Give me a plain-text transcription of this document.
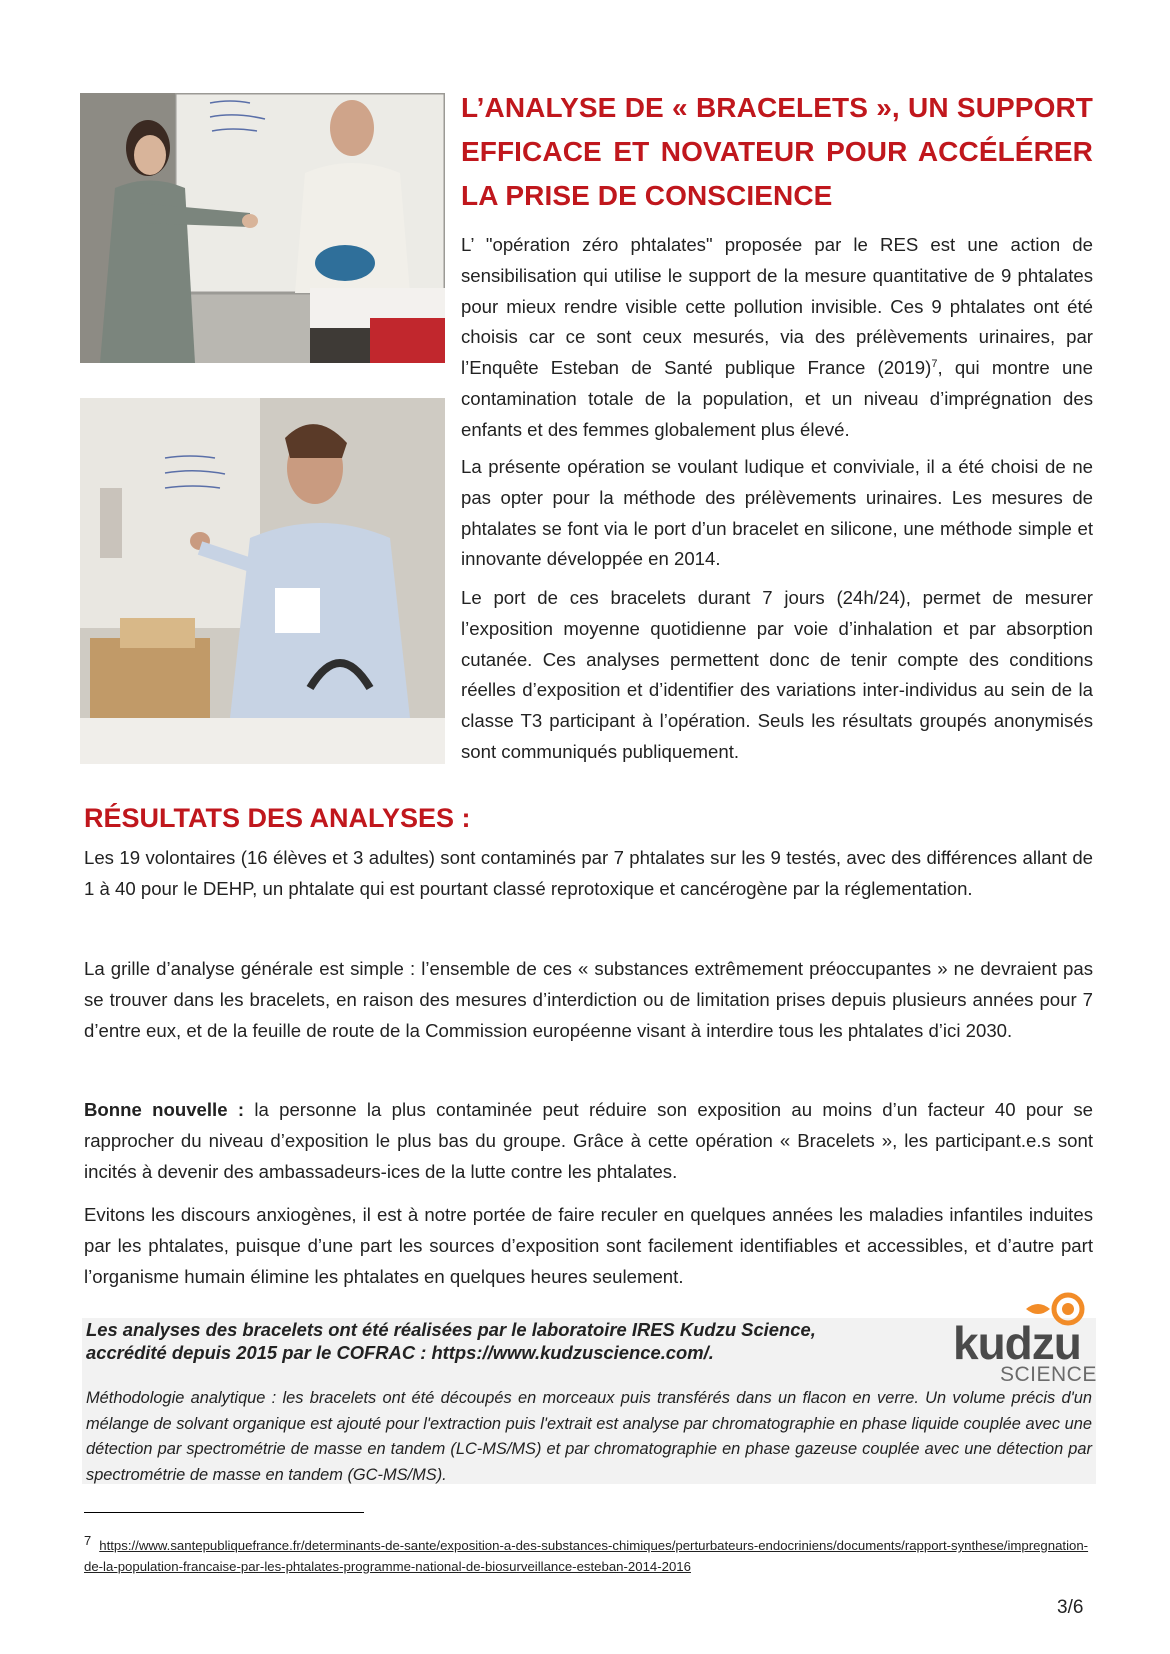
L’ANALYSE DE « BRACELETS », UN SUPPORT EFFICACE ET NOVATEUR POUR ACCÉLÉRER LA PRISE DE CONSCIENCE
L’ "opération zéro phtalates" proposée par le RES est une action de sensibilisation qui utilise le support de la mesure quantitative de 9 phtalates pour mieux rendre visible cette pollution invisible. Ces 9 phtalates ont été choisis car ce sont ceux mesurés, via des prélèvements urinaires, par l’Enquête Esteban de Santé publique France $(2019)^7$, qui montre une contamination totale de la population, et un niveau d’imprégnation des enfants et des femmes globalement plus élevé.
La présente opération se voulant ludique et conviviale, il a été choisi de ne pas opter pour la méthode des prélèvements urinaires. Les mesures de phtalates se font via le port d’un bracelet en silicone, une méthode simple et innovante développée en 2014.
Le port de ces bracelets durant 7 jours (24h/24), permet de mesurer l’exposition moyenne quotidienne par voie d’inhalation et par absorption cutanée. Ces analyses permettent donc de tenir compte des conditions réelles d’exposition et d’identifier des variations inter-individus au sein de la classe T3 participant à l’opération. Seuls les résultats groupés anonymisés sont communiqués publiquement.
RÉSULTATS DES ANALYSES :
Les 19 volontaires (16 élèves et 3 adultes) sont contaminés par 7 phtalates sur les 9 testés, avec des différences allant de 1 à 40 pour le DEHP, un phtalate qui est pourtant classé reprotoxique et cancérogène par la réglementation.
La grille d’analyse générale est simple : l’ensemble de ces « substances extrêmement préoccupantes » ne devraient pas se trouver dans les bracelets, en raison des mesures d’interdiction ou de limitation prises depuis plusieurs années pour 7 d’entre eux, et de la feuille de route de la Commission européenne visant à interdire tous les phtalates d’ici 2030.
Bonne nouvelle : la personne la plus contaminée peut réduire son exposition au moins d’un facteur 40 pour se rapprocher du niveau d’exposition le plus bas du groupe. Grâce à cette opération « Bracelets », les participant.e.s sont incités à devenir des ambassadeurs-ices de la lutte contre les phtalates.
Evitons les discours anxiogènes, il est à notre portée de faire reculer en quelques années les maladies infantiles induites par les phtalates, puisque d’une part les sources d’exposition sont facilement identifiables et accessibles, et d’autre part l’organisme humain élimine les phtalates en quelques heures seulement.
Les analyses des bracelets ont été réalisées par le laboratoire IRES Kudzu Science,
accrédité depuis 2015 par le COFRAC : https://www.kudzuscience.com/.
Méthodologie analytique : les bracelets ont été découpés en morceaux puis transférés dans un flacon en verre. Un volume précis d'un mélange de solvant organique est ajouté pour l'extraction puis l'extrait est analyse par chromatographie en phase liquide couplée avec une détection par spectrométrie de masse en tandem (LC-MS/MS) et par chromatographie en phase gazeuse couplée avec une détection par spectrométrie de masse en tandem (GC-MS/MS).
kudzu
SCIENCE
7 https://www.santepubliquefrance.fr/determinants-de-sante/exposition-a-des-substances-chimiques/perturbateurs-endocriniens/documents/rapport-synthese/impregnation-de-la-population-francaise-par-les-phtalates-programme-national-de-biosurveillance-esteban-2014-2016
3/6
